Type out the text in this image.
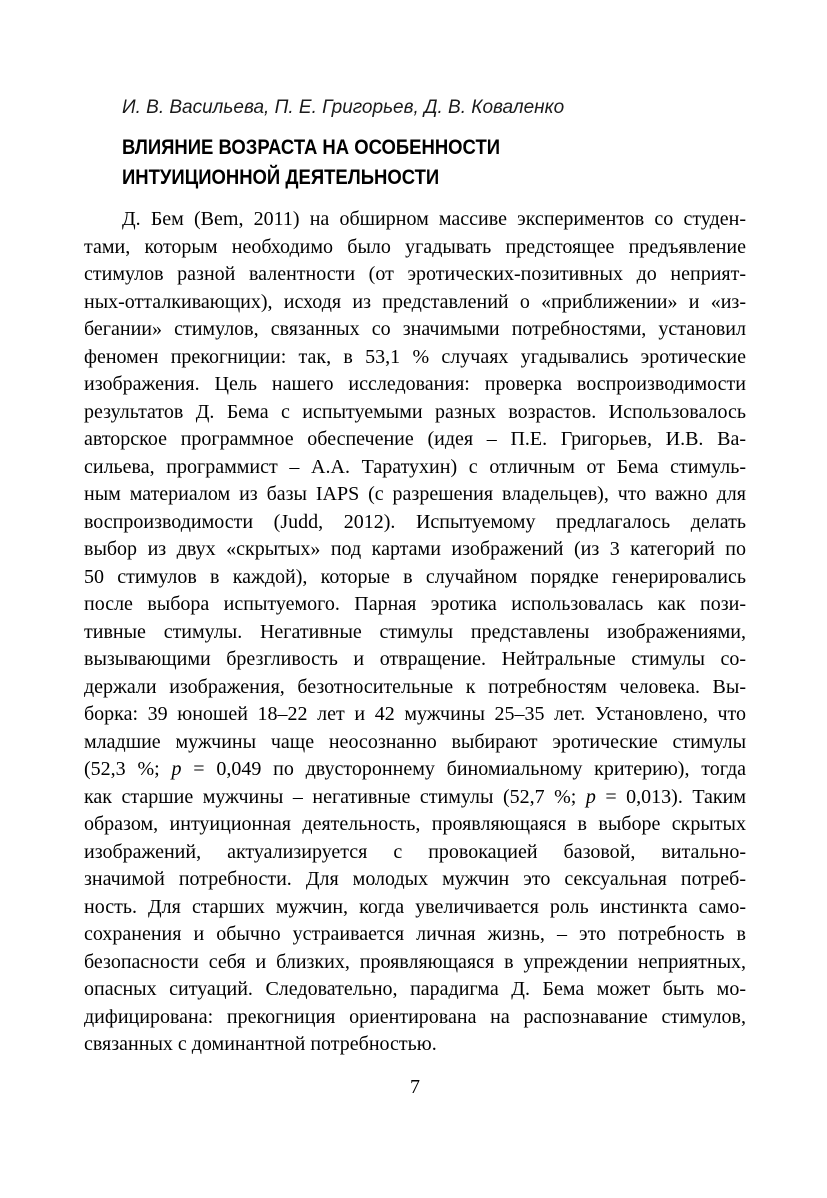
И. В. Васильева, П. Е. Григорьев, Д. В. Коваленко
ВЛИЯНИЕ ВОЗРАСТА НА ОСОБЕННОСТИ
ИНТУИЦИОННОЙ ДЕЯТЕЛЬНОСТИ
Д. Бем (Bem, 2011) на обширном массиве экспериментов со студен-
тами, которым необходимо было угадывать предстоящее предъявление
стимулов разной валентности (от эротических-позитивных до неприят-
ных-отталкивающих), исходя из представлений о «приближении» и «из-
бегании» стимулов, связанных со значимыми потребностями, установил
феномен прекогниции: так, в 53,1 % случаях угадывались эротические
изображения. Цель нашего исследования: проверка воспроизводимости
результатов Д. Бема с испытуемыми разных возрастов. Использовалось
авторское программное обеспечение (идея – П.Е. Григорьев, И.В. Ва-
сильева, программист – А.А. Таратухин) с отличным от Бема стимуль-
ным материалом из базы IAPS (с разрешения владельцев), что важно для
воспроизводимости (Judd, 2012). Испытуемому предлагалось делать
выбор из двух «скрытых» под картами изображений (из 3 категорий по
50 стимулов в каждой), которые в случайном порядке генерировались
после выбора испытуемого. Парная эротика использовалась как пози-
тивные стимулы. Негативные стимулы представлены изображениями,
вызывающими брезгливость и отвращение. Нейтральные стимулы со-
держали изображения, безотносительные к потребностям человека. Вы-
борка: 39 юношей 18–22 лет и 42 мужчины 25–35 лет. Установлено, что
младшие мужчины чаще неосознанно выбирают эротические стимулы
(52,3 %; p = 0,049 по двустороннему биномиальному критерию), тогда
как старшие мужчины – негативные стимулы (52,7 %; p = 0,013). Таким
образом, интуиционная деятельность, проявляющаяся в выборе скрытых
изображений, актуализируется с провокацией базовой, витально-
значимой потребности. Для молодых мужчин это сексуальная потреб-
ность. Для старших мужчин, когда увеличивается роль инстинкта само-
сохранения и обычно устраивается личная жизнь, – это потребность в
безопасности себя и близких, проявляющаяся в упреждении неприятных,
опасных ситуаций. Следовательно, парадигма Д. Бема может быть мо-
дифицирована: прекогниция ориентирована на распознавание стимулов,
связанных с доминантной потребностью.
7
